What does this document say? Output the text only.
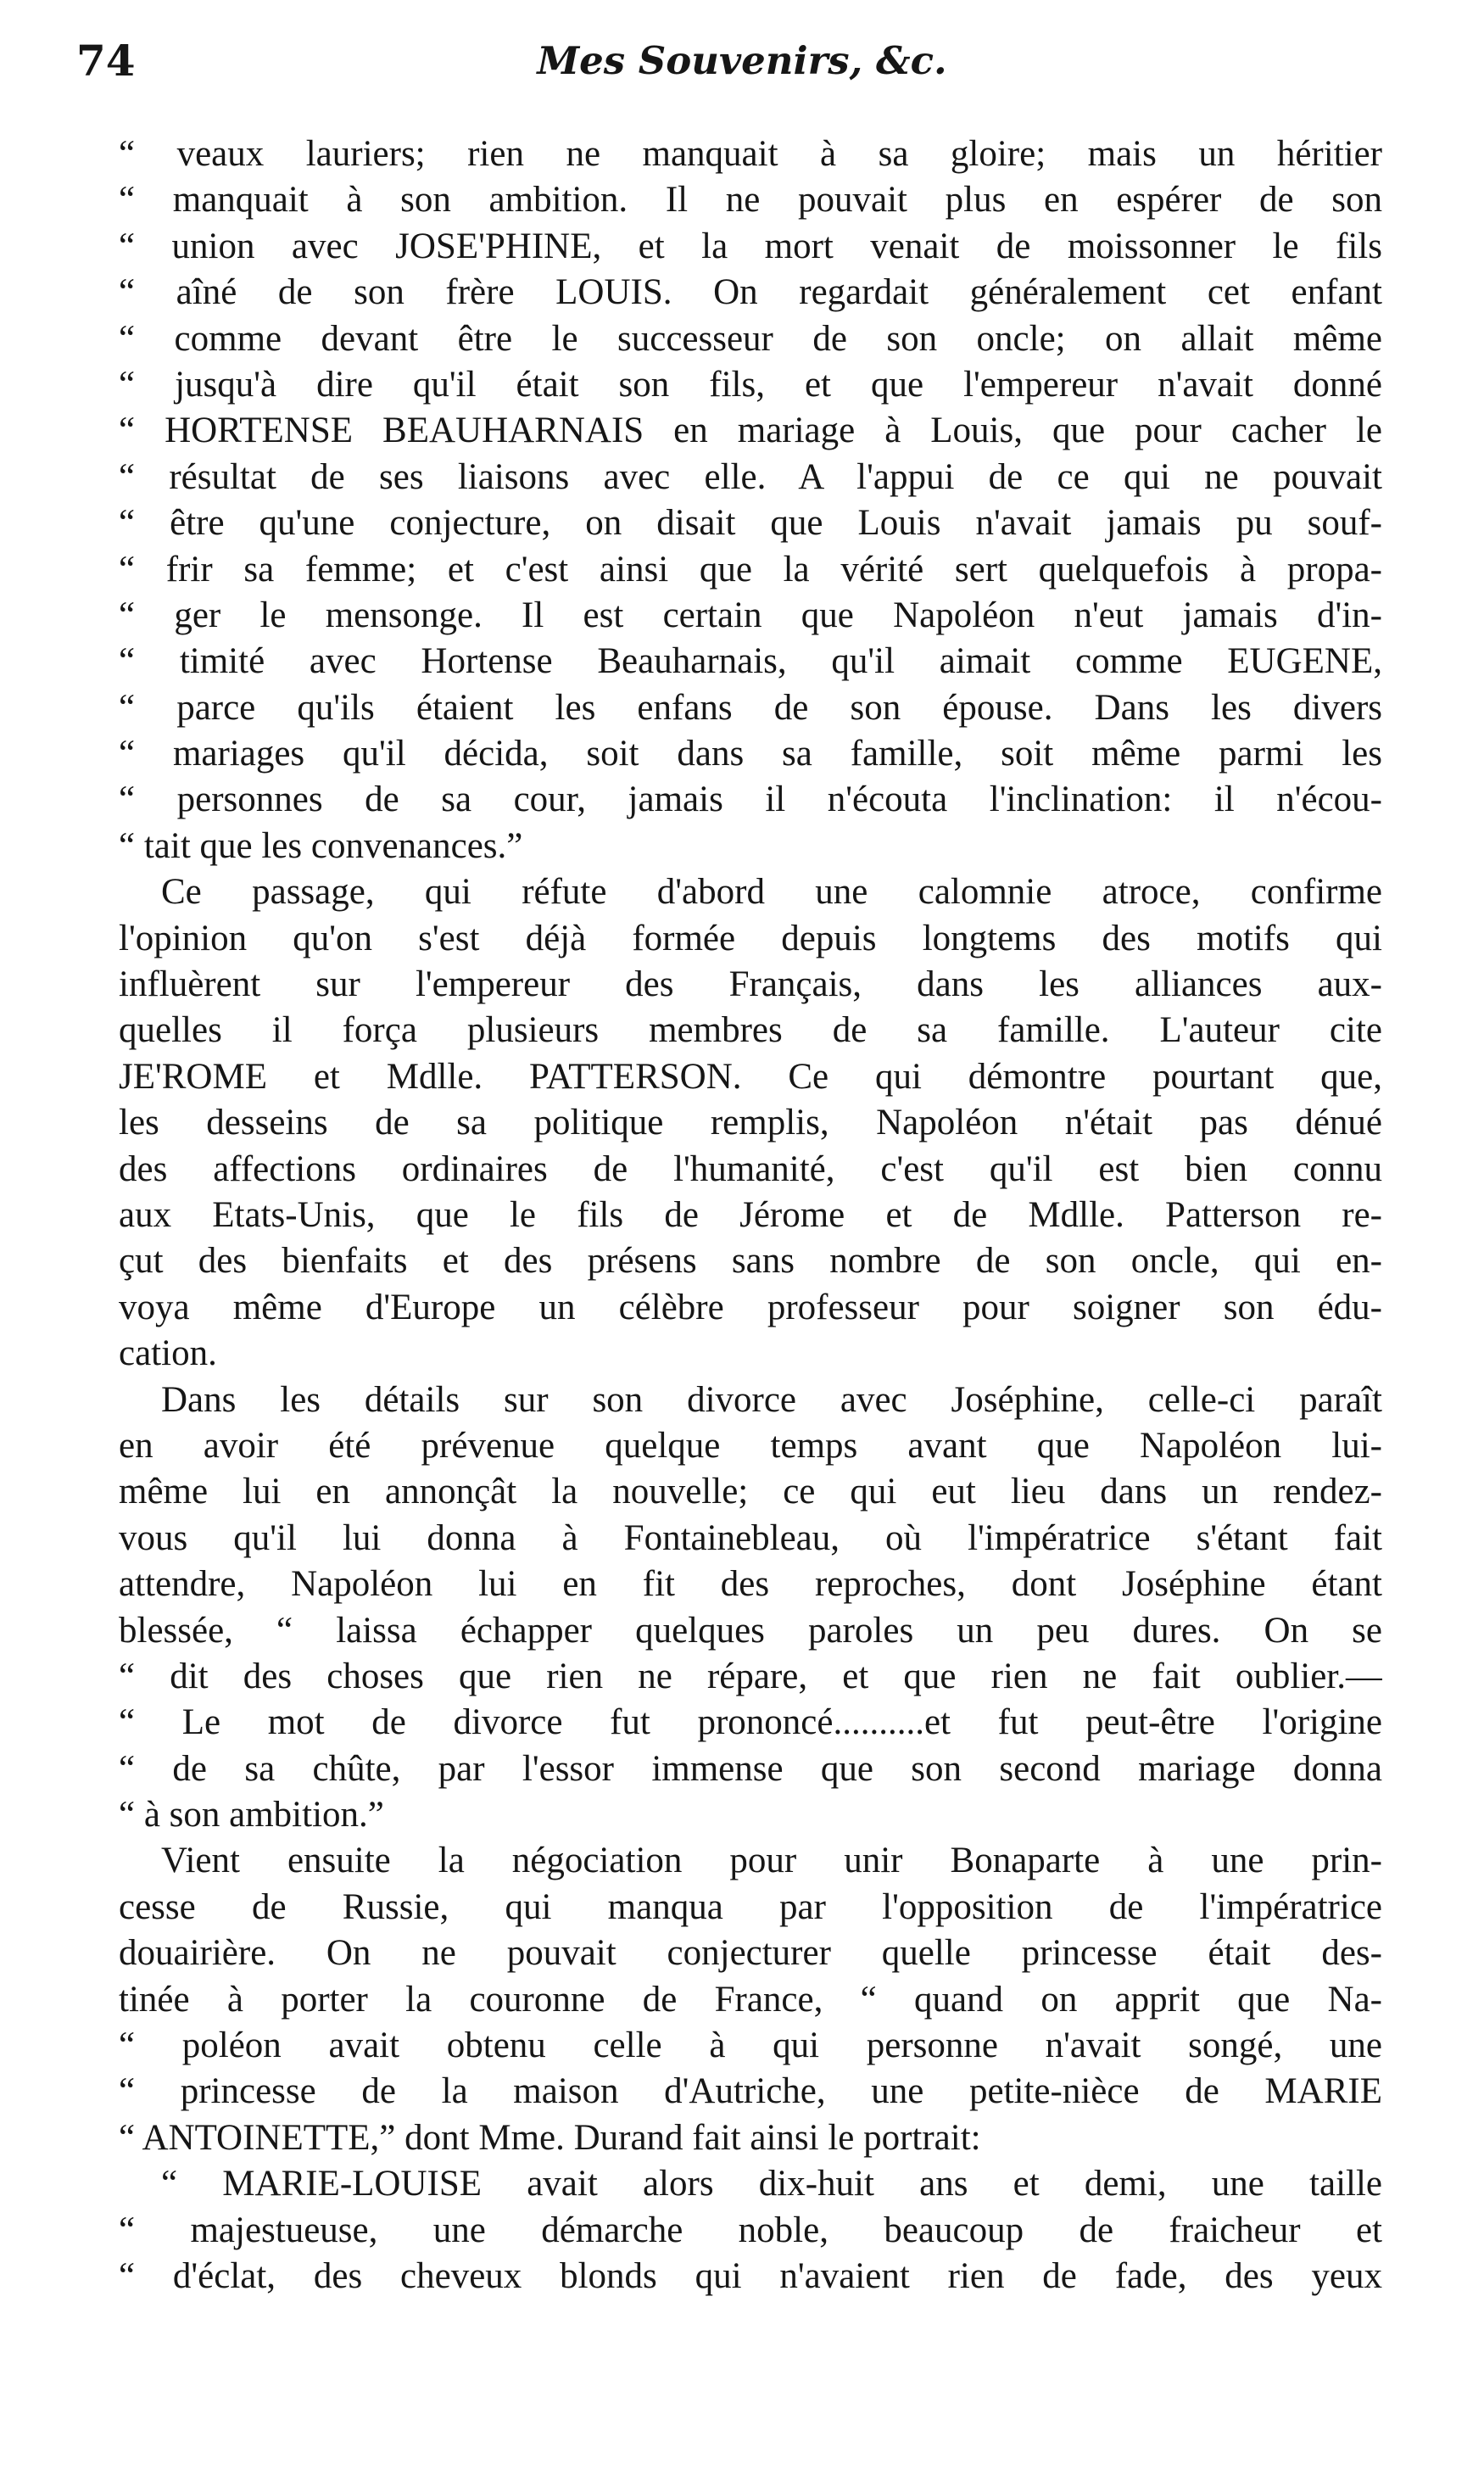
74	Mes Souvenirs, &c.
“ veaux lauriers; rien ne manquait à sa gloire; mais un héritier
“ manquait à son ambition. Il ne pouvait plus en espérer de son
“ union avec JOSE'PHINE, et la mort venait de moissonner le fils
“ aîné de son frère LOUIS. On regardait généralement cet enfant
“ comme devant être le successeur de son oncle; on allait même
“ jusqu'à dire qu'il était son fils, et que l'empereur n'avait donné
“ HORTENSE BEAUHARNAIS en mariage à Louis, que pour cacher le
“ résultat de ses liaisons avec elle. A l'appui de ce qui ne pouvait
“ être qu'une conjecture, on disait que Louis n'avait jamais pu souf-
“ frir sa femme; et c'est ainsi que la vérité sert quelquefois à propa-
“ ger le mensonge. Il est certain que Napoléon n'eut jamais d'in-
“ timité avec Hortense Beauharnais, qu'il aimait comme EUGENE,
“ parce qu'ils étaient les enfans de son épouse. Dans les divers
“ mariages qu'il décida, soit dans sa famille, soit même parmi les
“ personnes de sa cour, jamais il n'écouta l'inclination: il n'écou-
“ tait que les convenances.”
Ce passage, qui réfute d'abord une calomnie atroce, confirme
l'opinion qu'on s'est déjà formée depuis longtems des motifs qui
influèrent sur l'empereur des Français, dans les alliances aux-
quelles il força plusieurs membres de sa famille. L'auteur cite
JE'ROME et Mdlle. PATTERSON. Ce qui démontre pourtant que,
les desseins de sa politique remplis, Napoléon n'était pas dénué
des affections ordinaires de l'humanité, c'est qu'il est bien connu
aux Etats-Unis, que le fils de Jérome et de Mdlle. Patterson re-
çut des bienfaits et des présens sans nombre de son oncle, qui en-
voya même d'Europe un célèbre professeur pour soigner son édu-
cation.
Dans les détails sur son divorce avec Joséphine, celle-ci paraît
en avoir été prévenue quelque temps avant que Napoléon lui-
même lui en annonçât la nouvelle; ce qui eut lieu dans un rendez-
vous qu'il lui donna à Fontainebleau, où l'impératrice s'étant fait
attendre, Napoléon lui en fit des reproches, dont Joséphine étant
blessée, “ laissa échapper quelques paroles un peu dures. On se
“ dit des choses que rien ne répare, et que rien ne fait oublier.—
“ Le mot de divorce fut prononcé..........et fut peut-être l'origine
“ de sa chûte, par l'essor immense que son second mariage donna
“ à son ambition.”
Vient ensuite la négociation pour unir Bonaparte à une prin-
cesse de Russie, qui manqua par l'opposition de l'impératrice
douairière. On ne pouvait conjecturer quelle princesse était des-
tinée à porter la couronne de France, “ quand on apprit que Na-
“ poléon avait obtenu celle à qui personne n'avait songé, une
“ princesse de la maison d'Autriche, une petite-nièce de MARIE
“ ANTOINETTE,” dont Mme. Durand fait ainsi le portrait:
“ MARIE-LOUISE avait alors dix-huit ans et demi, une taille
“ majestueuse, une démarche noble, beaucoup de fraicheur et
“ d'éclat, des cheveux blonds qui n'avaient rien de fade, des yeux
